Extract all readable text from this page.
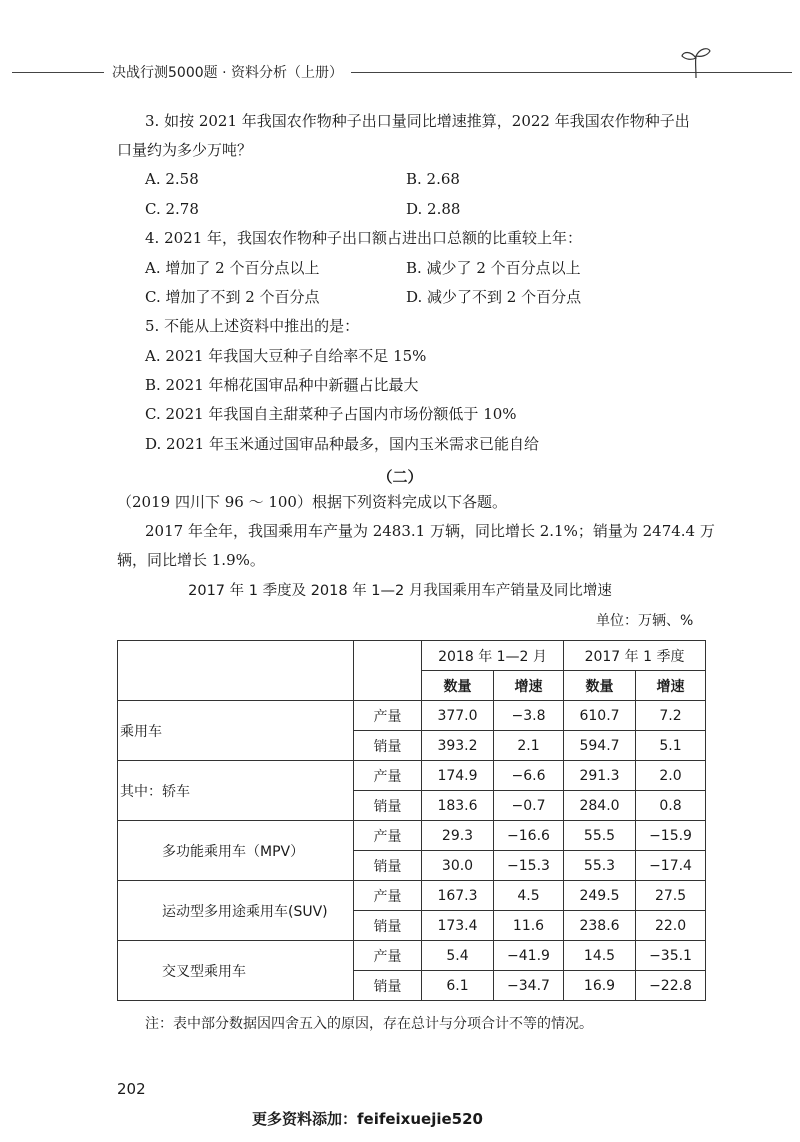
决战行测5000题 · 资料分析（上册）
3. 如按 2021 年我国农作物种子出口量同比增速推算，2022 年我国农作物种子出
口量约为多少万吨？
A. 2.58	B. 2.68
C. 2.78	D. 2.88
4. 2021 年，我国农作物种子出口额占进出口总额的比重较上年：
A. 增加了 2 个百分点以上	B. 减少了 2 个百分点以上
C. 增加了不到 2 个百分点	D. 减少了不到 2 个百分点
5. 不能从上述资料中推出的是：
A. 2021 年我国大豆种子自给率不足 15%
B. 2021 年棉花国审品种中新疆占比最大
C. 2021 年我国自主甜菜种子占国内市场份额低于 10%
D. 2021 年玉米通过国审品种最多，国内玉米需求已能自给
（二）
（2019 四川下 96 ～ 100）根据下列资料完成以下各题。
2017 年全年，我国乘用车产量为 2483.1 万辆，同比增长 2.1%；销量为 2474.4 万
辆，同比增长 1.9%。
2017 年 1 季度及 2018 年 1—2 月我国乘用车产销量及同比增速
单位：万辆、%
		2018 年 1—2 月		2017 年 1 季度	
		数量	增速	数量	增速
乘用车	产量	377.0	−3.8	610.7	7.2
	销量	393.2	2.1	594.7	5.1
其中：轿车	产量	174.9	−6.6	291.3	2.0
	销量	183.6	−0.7	284.0	0.8
多功能乘用车（MPV）	产量	29.3	−16.6	55.5	−15.9
	销量	30.0	−15.3	55.3	−17.4
运动型多用途乘用车(SUV)	产量	167.3	4.5	249.5	27.5
	销量	173.4	11.6	238.6	22.0
交叉型乘用车	产量	5.4	−41.9	14.5	−35.1
	销量	6.1	−34.7	16.9	−22.8
注：表中部分数据因四舍五入的原因，存在总计与分项合计不等的情况。
202
更多资料添加：feifeixuejie520
